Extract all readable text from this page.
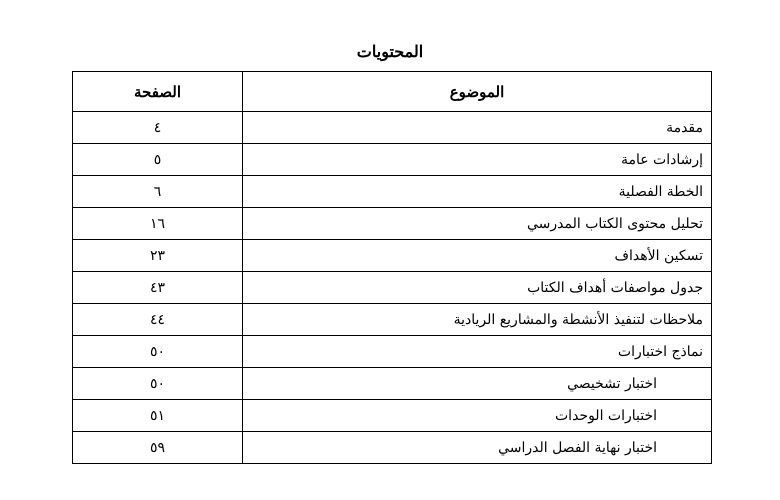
المحتويات
الموضوع	الصفحة
مقدمة	٤
إرشادات عامة	٥
الخطة الفصلية	٦
تحليل محتوى الكتاب المدرسي	١٦
تسكين الأهداف	٢٣
جدول مواصفات أهداف الكتاب	٤٣
ملاحظات لتنفيذ الأنشطة والمشاريع الريادية	٤٤
نماذج اختبارات	٥٠
اختبار تشخيصي	٥٠
اختبارات الوحدات	٥١
اختبار نهاية الفصل الدراسي	٥٩
